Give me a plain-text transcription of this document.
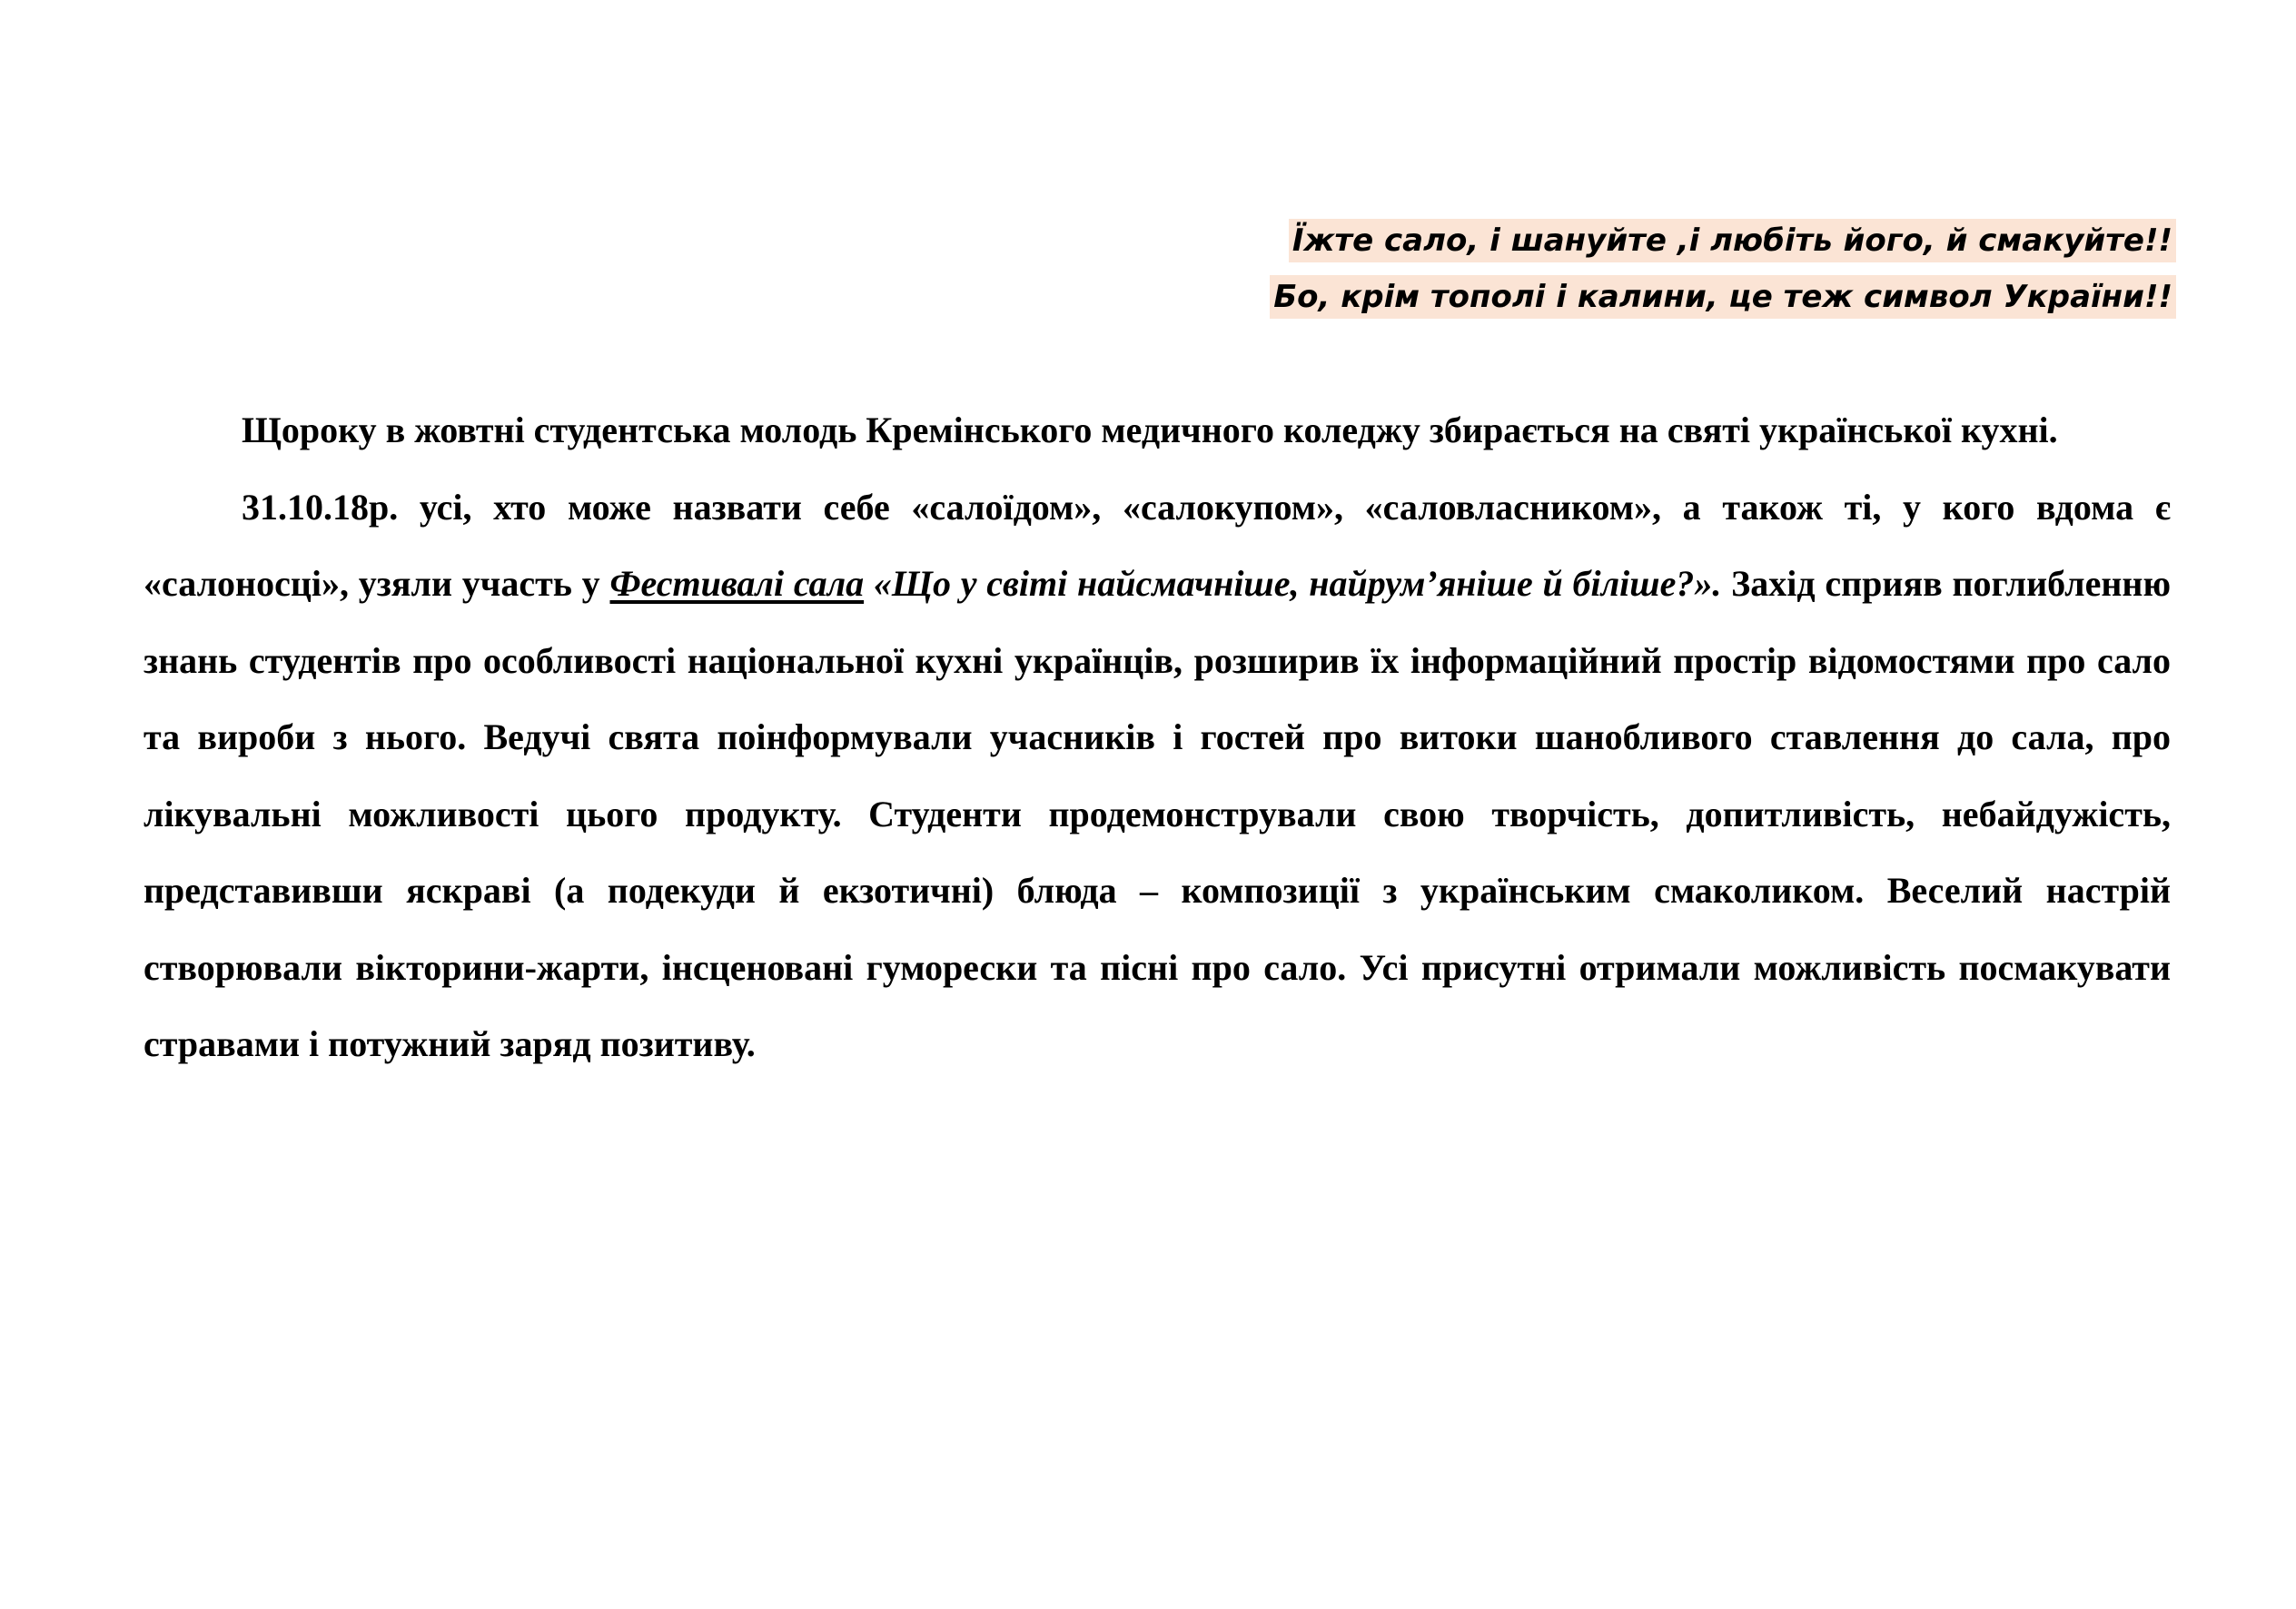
Їжте сало, і шануйте ,і любіть його, й смакуйте!!
Бо, крім тополі і калини, це теж символ України!!

Щороку в жовтні студентська молодь Кремінського медичного коледжу збирається на святі української кухні.

31.10.18р. усі, хто може назвати себе «салоїдом», «салокупом», «саловласником», а також ті, у кого вдома є «салоносці», узяли участь у Фестивалі сала «Що у світі найсмачніше, найрум’яніше й біліше?». Захід сприяв поглибленню знань студентів про особливості національної кухні українців, розширив їх інформаційний простір відомостями про сало та вироби з нього. Ведучі свята поінформували учасників і гостей про витоки шанобливого ставлення до сала, про лікувальні можливості цього продукту. Студенти продемонстрували свою творчість, допитливість, небайдужість, представивши яскраві (а подекуди й екзотичні) блюда – композиції з українським смаколиком. Веселий настрій створювали вікторини-жарти, інсценовані гуморески та пісні про сало. Усі присутні отримали можливість посмакувати стравами і потужний заряд позитиву.
